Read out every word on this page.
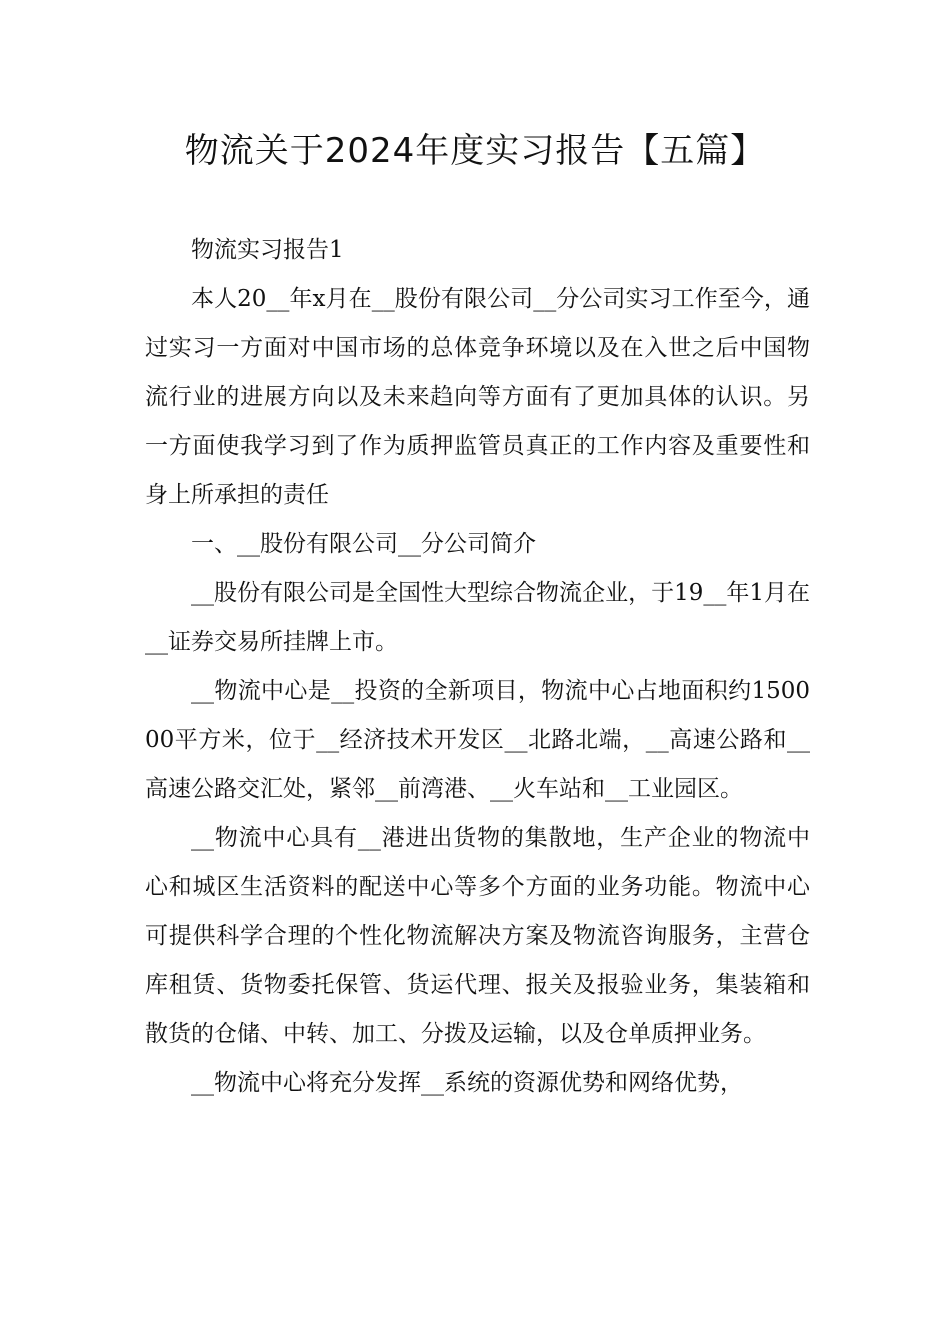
物流关于2024年度实习报告【五篇】

物流实习报告1

本人20__年x月在__股份有限公司__分公司实习工作至今，通过实习一方面对中国市场的总体竞争环境以及在入世之后中国物流行业的进展方向以及未来趋向等方面有了更加具体的认识。另一方面使我学习到了作为质押监管员真正的工作内容及重要性和身上所承担的责任

一、__股份有限公司__分公司简介

__股份有限公司是全国性大型综合物流企业，于19__年1月在__证券交易所挂牌上市。

__物流中心是__投资的全新项目，物流中心占地面积约150000平方米，位于__经济技术开发区__北路北端，__高速公路和__高速公路交汇处，紧邻__前湾港、__火车站和__工业园区。

__物流中心具有__港进出货物的集散地，生产企业的物流中心和城区生活资料的配送中心等多个方面的业务功能。物流中心可提供科学合理的个性化物流解决方案及物流咨询服务，主营仓库租赁、货物委托保管、货运代理、报关及报验业务，集装箱和散货的仓储、中转、加工、分拨及运输，以及仓单质押业务。

__物流中心将充分发挥__系统的资源优势和网络优势，
